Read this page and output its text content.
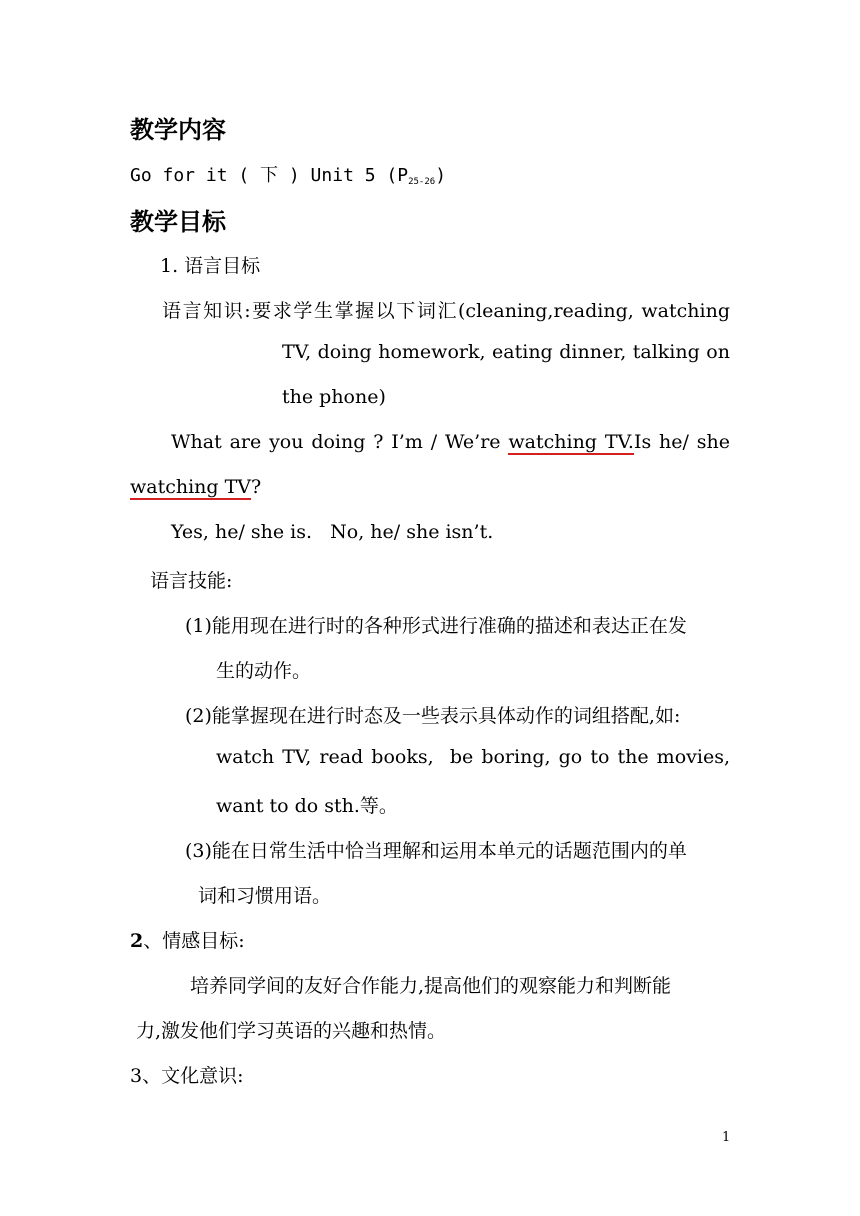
教学内容
Go for it ( 下 ) Unit 5 $(P_{25-26})$
教学目标
1. 语言目标
语言知识:要求学生掌握以下词汇(cleaning,reading, watching
TV, doing homework, eating dinner, talking on
the phone)
What are you doing ? I’m / We’re watching TV.Is he/ she
watching TV?
Yes, he/ she is.   No, he/ she isn’t.
语言技能:
(1)能用现在进行时的各种形式进行准确的描述和表达正在发
生的动作。
(2)能掌握现在进行时态及一些表示具体动作的词组搭配,如:
watch TV, read books,  be boring, go to the movies,
want to do sth.等。
(3)能在日常生活中恰当理解和运用本单元的话题范围内的单
词和习惯用语。
2、情感目标:
培养同学间的友好合作能力,提高他们的观察能力和判断能
力,激发他们学习英语的兴趣和热情。
3、文化意识:
1
